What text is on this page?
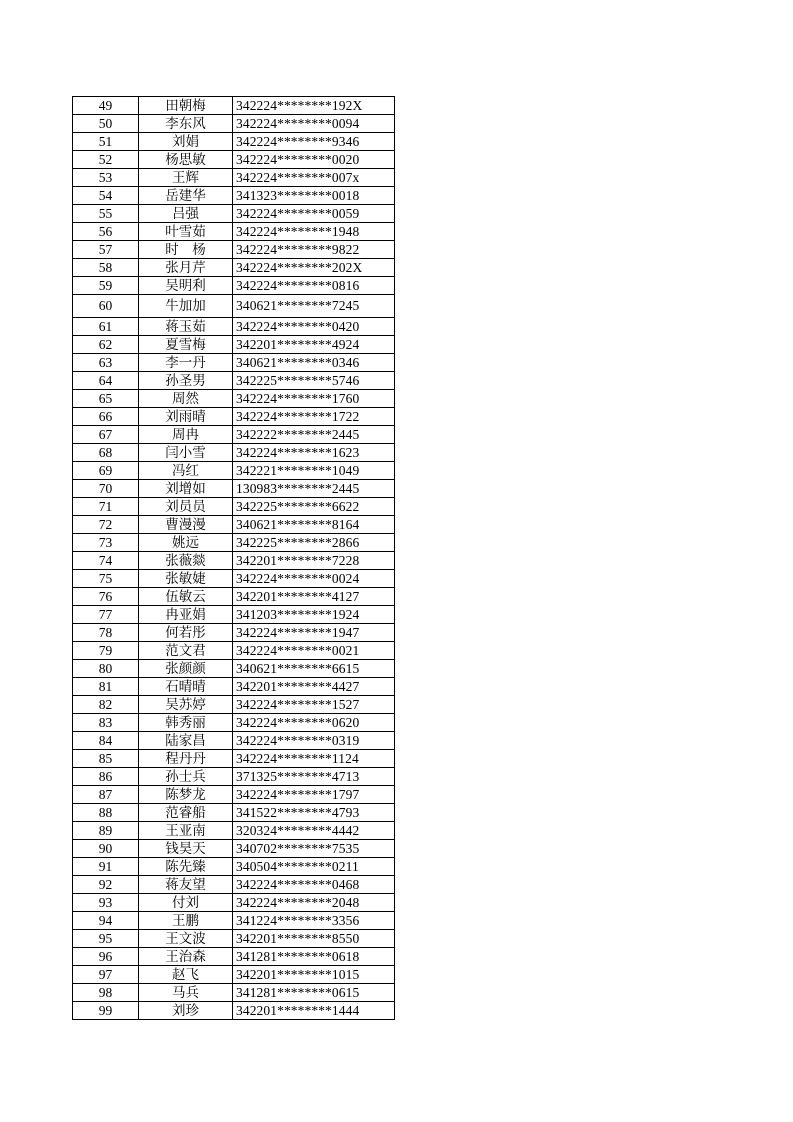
49	田朝梅	342224********192X
50	李东风	342224********0094
51	刘娟	342224********9346
52	杨思敏	342224********0020
53	王辉	342224********007x
54	岳建华	341323********0018
55	吕强	342224********0059
56	叶雪茹	342224********1948
57	时　杨	342224********9822
58	张月芹	342224********202X
59	吴明利	342224********0816
60	牛加加	340621********7245
61	蒋玉茹	342224********0420
62	夏雪梅	342201********4924
63	李一丹	340621********0346
64	孙圣男	342225********5746
65	周然	342224********1760
66	刘雨晴	342224********1722
67	周冉	342222********2445
68	闫小雪	342224********1623
69	冯红	342221********1049
70	刘增如	130983********2445
71	刘员员	342225********6622
72	曹漫漫	340621********8164
73	姚远	342225********2866
74	张薇燚	342201********7228
75	张敏婕	342224********0024
76	伍敏云	342201********4127
77	冉亚娟	341203********1924
78	何若彤	342224********1947
79	范文君	342224********0021
80	张颜颜	340621********6615
81	石晴晴	342201********4427
82	吴苏婷	342224********1527
83	韩秀丽	342224********0620
84	陆家昌	342224********0319
85	程丹丹	342224********1124
86	孙士兵	371325********4713
87	陈梦龙	342224********1797
88	范睿船	341522********4793
89	王亚南	320324********4442
90	钱昊天	340702********7535
91	陈先臻	340504********0211
92	蒋友望	342224********0468
93	付刘	342224********2048
94	王鹏	341224********3356
95	王文波	342201********8550
96	王治森	341281********0618
97	赵飞	342201********1015
98	马兵	341281********0615
99	刘珍	342201********1444
